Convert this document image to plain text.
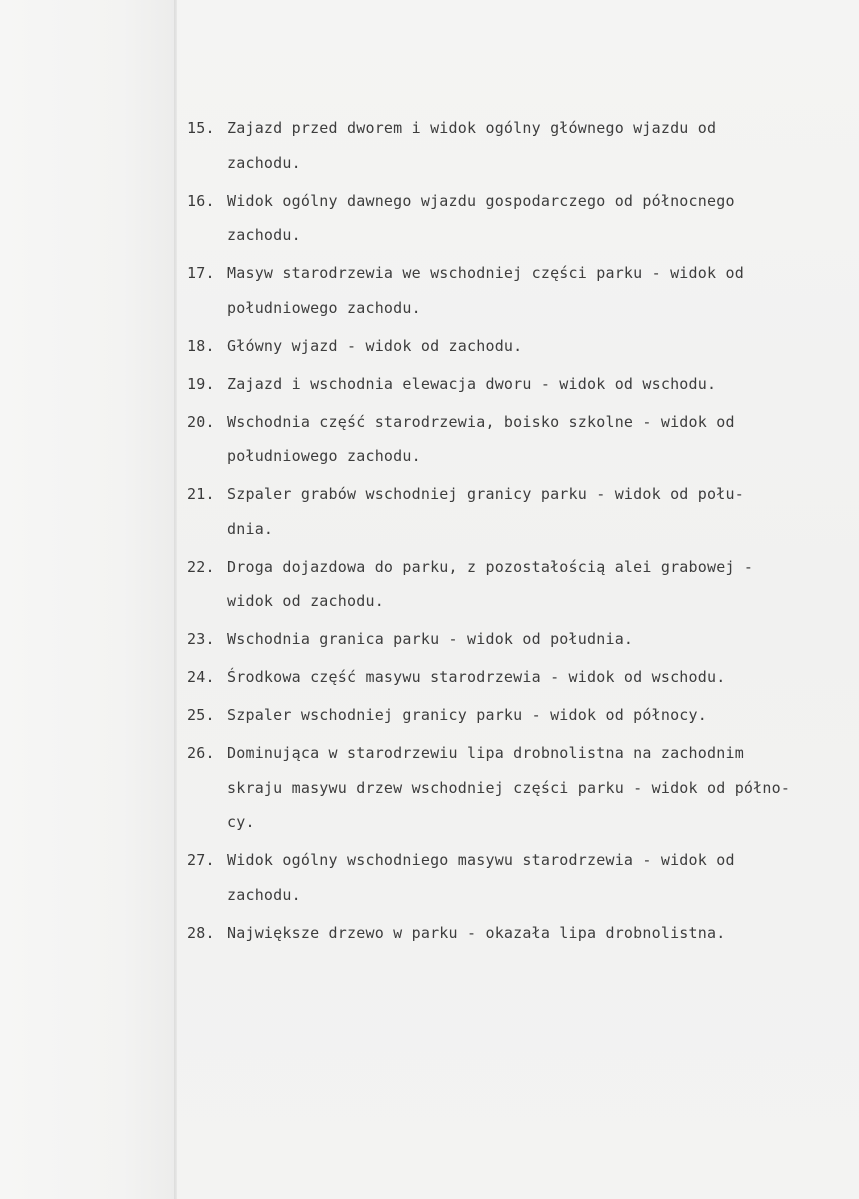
15. Zajazd przed dworem i widok ogólny głównego wjazdu od
zachodu.
16. Widok ogólny dawnego wjazdu gospodarczego od północnego
zachodu.
17. Masyw starodrzewia we wschodniej części parku - widok od
południowego zachodu.
18. Główny wjazd - widok od zachodu.
19. Zajazd i wschodnia elewacja dworu - widok od wschodu.
20. Wschodnia część starodrzewia, boisko szkolne - widok od
południowego zachodu.
21. Szpaler grabów wschodniej granicy parku - widok od połu-
dnia.
22. Droga dojazdowa do parku, z pozostałością alei grabowej -
widok od zachodu.
23. Wschodnia granica parku - widok od południa.
24. Środkowa część masywu starodrzewia - widok od wschodu.
25. Szpaler wschodniej granicy parku - widok od północy.
26. Dominująca w starodrzewiu lipa drobnolistna na zachodnim
skraju masywu drzew wschodniej części parku - widok od półno-
cy.
27. Widok ogólny wschodniego masywu starodrzewia - widok od
zachodu.
28. Największe drzewo w parku - okazała lipa drobnolistna.
